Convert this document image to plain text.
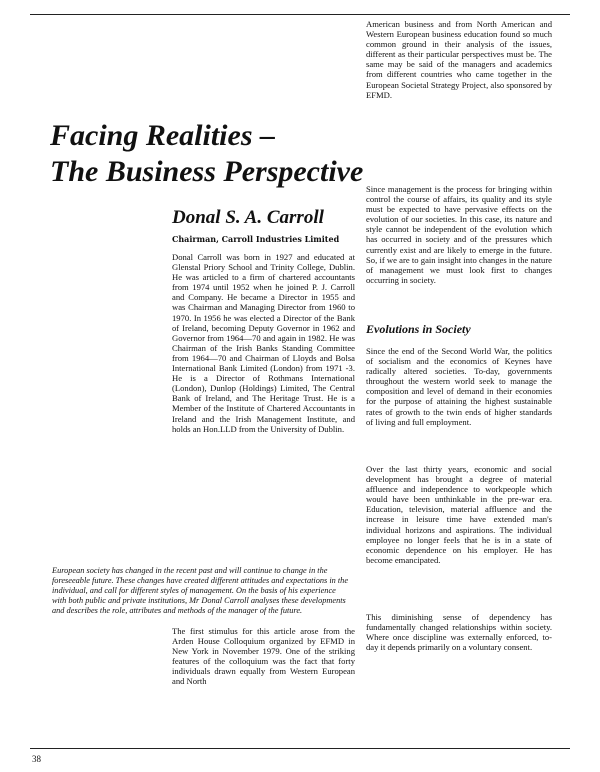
Facing Realities –
The Business Perspective
Donal S. A. Carroll

Chairman, Carroll Industries Limited

Donal Carroll was born in 1927 and educated at Glenstal Priory School and Trinity College, Dublin. He was articled to a firm of chartered accountants from 1974 until 1952 when he joined P. J. Carroll and Company. He became a Director in 1955 and was Chairman and Managing Director from 1960 to 1970. In 1956 he was elected a Director of the Bank of Ireland, becoming Deputy Governor in 1962 and Governor from 1964—70 and again in 1982. He was Chairman of the Irish Banks Standing Committee from 1964—70 and Chairman of Lloyds and Bolsa International Bank Limited (London) from 1971 -3. He is a Director of Rothmans International (London), Dunlop (Holdings) Limited, The Central Bank of Ireland, and The Heritage Trust. He is a Member of the Institute of Chartered Accountants in Ireland and the Irish Management Institute, and holds an Hon.LLD from the University of Dublin.

European society has changed in the recent past and will continue to change in the foreseeable future. These changes have created different attitudes and expectations in the individual, and call for different styles of management. On the basis of his experience with both public and private institutions, Mr Donal Carroll analyses these developments and describes the role, attributes and methods of the manager of the future.

The first stimulus for this article arose from the Arden House Colloquium organized by EFMD in New York in November 1979. One of the striking features of the colloquium was the fact that forty individuals drawn equally from Western European and North

American business and from North American and Western European business education found so much common ground in their analysis of the issues, different as their particular perspectives must be. The same may be said of the managers and academics from different countries who came together in the European Societal Strategy Project, also sponsored by EFMD.

Since management is the process for bringing within control the course of affairs, its quality and its style must be expected to have pervasive effects on the evolution of our societies. In this case, its nature and style cannot be independent of the evolution which has occurred in society and of the pressures which currently exist and are likely to emerge in the future. So, if we are to gain insight into changes in the nature of management we must look first to changes occurring in society.

Evolutions in Society

Since the end of the Second World War, the politics of socialism and the economics of Keynes have radically altered societies. To-day, governments throughout the western world seek to manage the composition and level of demand in their economies for the purpose of attaining the highest sustainable rates of growth to the twin ends of higher standards of living and full employment.

Over the last thirty years, economic and social development has brought a degree of material affluence and independence to workpeople which would have been unthinkable in the pre-war era. Education, television, material affluence and the increase in leisure time have extended man's individual horizons and aspirations. The individual employee no longer feels that he is in a state of economic dependence on his employer. He has become emancipated.

This diminishing sense of dependency has fundamentally changed relationships within society. Where once discipline was externally enforced, to-day it depends primarily on a voluntary consent.

38
